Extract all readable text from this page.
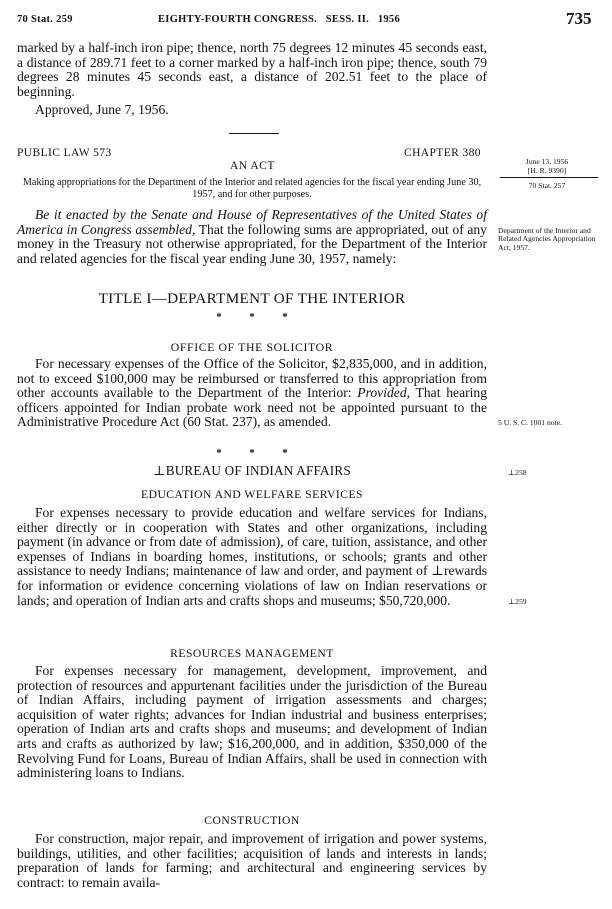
70 Stat. 259	EIGHTY-FOURTH CONGRESS.   SESS. II.   1956	735

marked by a half-inch iron pipe; thence, north 75 degrees 12 minutes 45 seconds east, a distance of 289.71 feet to a corner marked by a half-inch iron pipe; thence, south 79 degrees 28 minutes 45 seconds east, a distance of 202.51 feet to the place of beginning.

Approved, June 7, 1956.

PUBLIC LAW 573	CHAPTER 380
AN ACT
Making appropriations for the Department of the Interior and related agencies for the fiscal year ending June 30, 1957, and for other purposes.

Be it enacted by the Senate and House of Representatives of the United States of America in Congress assembled, That the following sums are appropriated, out of any money in the Treasury not otherwise appropriated, for the Department of the Interior and related agencies for the fiscal year ending June 30, 1957, namely:

TITLE I—DEPARTMENT OF THE INTERIOR
*          *          *
OFFICE OF THE SOLICITOR

For necessary expenses of the Office of the Solicitor, $2,835,000, and in addition, not to exceed $100,000 may be reimbursed or transferred to this appropriation from other accounts available to the Department of the Interior: Provided, That hearing officers appointed for Indian probate work need not be appointed pursuant to the Administrative Procedure Act (60 Stat. 237), as amended.

*          *          *
⊥BUREAU OF INDIAN AFFAIRS
EDUCATION AND WELFARE SERVICES

For expenses necessary to provide education and welfare services for Indians, either directly or in cooperation with States and other organizations, including payment (in advance or from date of admission), of care, tuition, assistance, and other expenses of Indians in boarding homes, institutions, or schools; grants and other assistance to needy Indians; maintenance of law and order, and payment of ⊥rewards for information or evidence concerning violations of law on Indian reservations or lands; and operation of Indian arts and crafts shops and museums; $50,720,000.

RESOURCES MANAGEMENT

For expenses necessary for management, development, improvement, and protection of resources and appurtenant facilities under the jurisdiction of the Bureau of Indian Affairs, including payment of irrigation assessments and charges; acquisition of water rights; advances for Indian industrial and business enterprises; operation of Indian arts and crafts shops and museums; and development of Indian arts and crafts as authorized by law; $16,200,000, and in addition, $350,000 of the Revolving Fund for Loans, Bureau of Indian Affairs, shall be used in connection with administering loans to Indians.

CONSTRUCTION

For construction, major repair, and improvement of irrigation and power systems, buildings, utilities, and other facilities; acquisition of lands and interests in lands; preparation of lands for farming; and architectural and engineering services by contract: to remain availa-

June 13, 1956
[H. R. 9390]
70 Stat. 257
Department of the Interior and Related Agencies Appropriation Act, 1957.
5 U. S. C. 1001 note.
⊥258
⊥259
